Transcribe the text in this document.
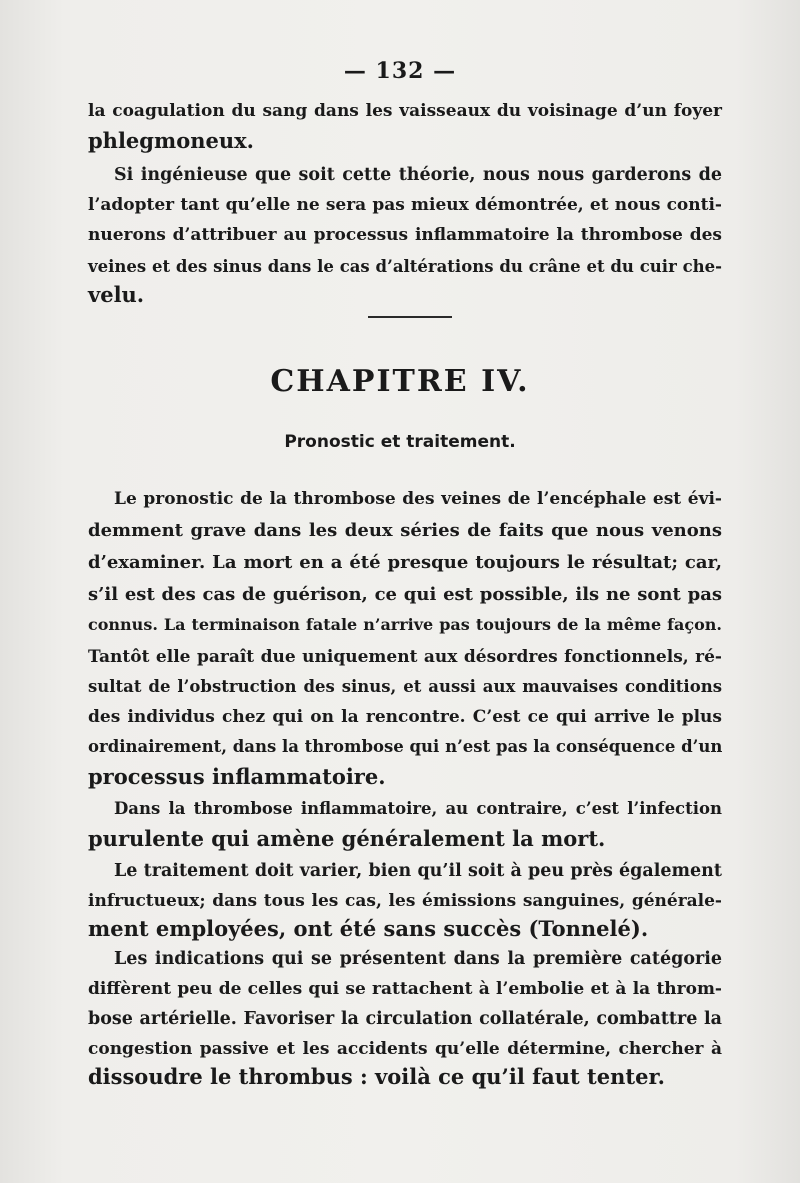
— 132 —
la coagulation du sang dans les vaisseaux du voisinage d’un foyer
phlegmoneux.
Si ingénieuse que soit cette théorie, nous nous garderons de
l’adopter tant qu’elle ne sera pas mieux démontrée, et nous conti-
nuerons d’attribuer au processus inflammatoire la thrombose des
veines et des sinus dans le cas d’altérations du crâne et du cuir che-
velu.
CHAPITRE IV.
Pronostic et traitement.
Le pronostic de la thrombose des veines de l’encéphale est évi-
demment grave dans les deux séries de faits que nous venons
d’examiner. La mort en a été presque toujours le résultat; car,
s’il est des cas de guérison, ce qui est possible, ils ne sont pas
connus. La terminaison fatale n’arrive pas toujours de la même façon.
Tantôt elle paraît due uniquement aux désordres fonctionnels, ré-
sultat de l’obstruction des sinus, et aussi aux mauvaises conditions
des individus chez qui on la rencontre. C’est ce qui arrive le plus
ordinairement, dans la thrombose qui n’est pas la conséquence d’un
processus inflammatoire.
Dans la thrombose inflammatoire, au contraire, c’est l’infection
purulente qui amène généralement la mort.
Le traitement doit varier, bien qu’il soit à peu près également
infructueux; dans tous les cas, les émissions sanguines, générale-
ment employées, ont été sans succès (Tonnelé).
Les indications qui se présentent dans la première catégorie
diffèrent peu de celles qui se rattachent à l’embolie et à la throm-
bose artérielle. Favoriser la circulation collatérale, combattre la
congestion passive et les accidents qu’elle détermine, chercher à
dissoudre le thrombus : voilà ce qu’il faut tenter.
